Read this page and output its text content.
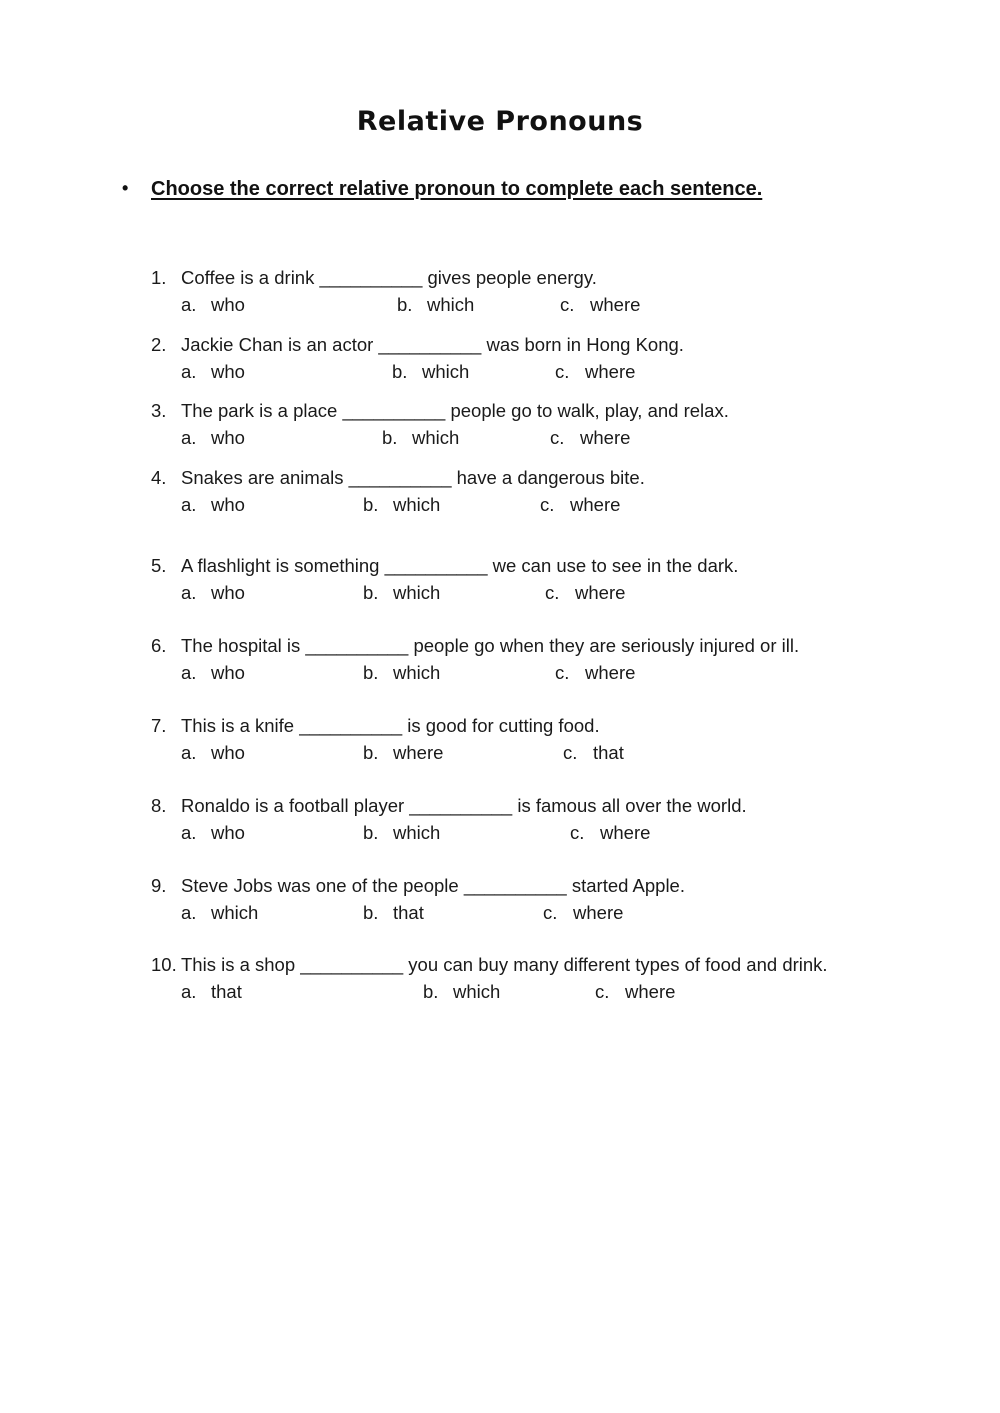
Relative Pronouns
• Choose the correct relative pronoun to complete each sentence.
1. Coffee is a drink __________ gives people energy.
a. who	b. which	c. where
2. Jackie Chan is an actor __________ was born in Hong Kong.
a. who	b. which	c. where
3. The park is a place __________ people go to walk, play, and relax.
a. who	b. which	c. where
4. Snakes are animals __________ have a dangerous bite.
a. who	b. which	c. where
5. A flashlight is something __________ we can use to see in the dark.
a. who	b. which	c. where
6. The hospital is __________ people go when they are seriously injured or ill.
a. who	b. which	c. where
7. This is a knife __________ is good for cutting food.
a. who	b. where	c. that
8. Ronaldo is a football player __________ is famous all over the world.
a. who	b. which	c. where
9. Steve Jobs was one of the people __________ started Apple.
a. which	b. that	c. where
10. This is a shop __________ you can buy many different types of food and drink.
a. that	b. which	c. where
